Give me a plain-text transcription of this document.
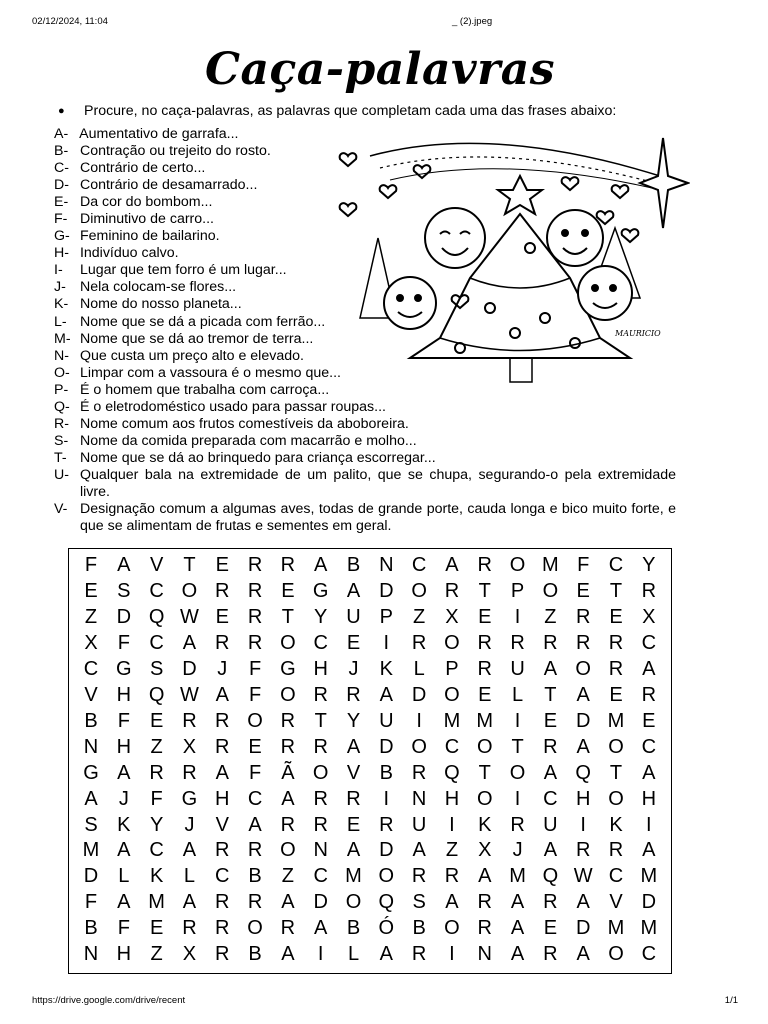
02/12/2024, 11:04	_ (2).jpeg
Caça-palavras
● Procure, no caça-palavras, as palavras que completam cada uma das frases abaixo:
A- Aumentativo de garrafa...
B- Contração ou trejeito do rosto.
C- Contrário de certo...
D- Contrário de desamarrado...
E- Da cor do bombom...
F- Diminutivo de carro...
G- Feminino de bailarino.
H- Indivíduo calvo.
I- Lugar que tem forro é um lugar...
J- Nela colocam-se flores...
K- Nome do nosso planeta...
L- Nome que se dá a picada com ferrão...
M- Nome que se dá ao tremor de terra...
N- Que custa um preço alto e elevado.
O- Limpar com a vassoura é o mesmo que...
P- É o homem que trabalha com carroça...
Q- É o eletrodoméstico usado para passar roupas...
R- Nome comum aos frutos comestíveis da aboboreira.
S- Nome da comida preparada com macarrão e molho...
T- Nome que se dá ao brinquedo para criança escorregar...
U- Qualquer bala na extremidade de um palito, que se chupa, segurando-o pela extremidade livre.
V- Designação comum a algumas aves, todas de grande porte, cauda longa e bico muito forte, e que se alimentam de frutas e sementes em geral.
MAURICIO
F A V T E R R A B N C A R O M F C Y
E S C O R R E G A D O R T P O E T R
Z D Q W E R T Y U P Z X E	I	Z R E X
X F C A R R O C E	I	R O R R R R R C
C G S D	J	F G H	J	K	L	P R U A O R A
V H Q W A F O R R A D O E	L	T A E R
B F E R R O R T Y U	I	M M	I	E D M E
N H Z X R E R R A D O C O T R A O C
G A R R A F Ã O V B R Q T O A Q T A
A	J	F G H C A R R	I	N H O	I	C H O H
S K Y	J	V A R R E R U	I	K R U	I	K	I
M A C A R R O N A D A Z X	J	A R R A
D	L	K	L	C B Z C M O R R A M Q W C M
F A M A R R A D O Q S A R A R A V D
B F E R R O R A B Ó B O R A E D M M
N H Z X R B A	I	L	A R	I	N A R A O C
https://drive.google.com/drive/recent	1/1
